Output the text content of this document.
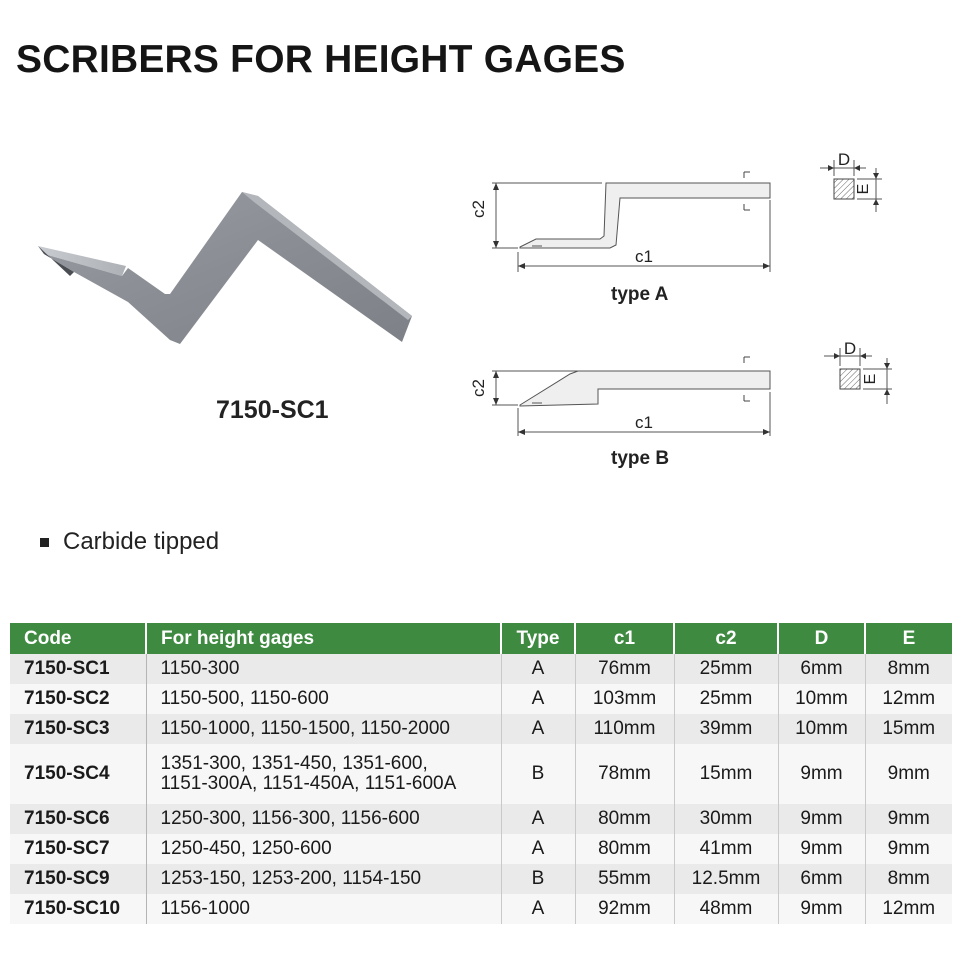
SCRIBERS FOR HEIGHT GAGES
7150-SC1
c2
c1
type A
D
E
c2
c1
type B
D
E
Carbide tipped
Code	For height gages	Type	c1	c2	D	E
7150-SC1	1150-300	A	76mm	25mm	6mm	8mm
7150-SC2	1150-500, 1150-600	A	103mm	25mm	10mm	12mm
7150-SC3	1150-1000, 1150-1500, 1150-2000	A	110mm	39mm	10mm	15mm
7150-SC4	1351-300, 1351-450, 1351-600,
1151-300A, 1151-450A, 1151-600A	B	78mm	15mm	9mm	9mm
7150-SC6	1250-300, 1156-300, 1156-600	A	80mm	30mm	9mm	9mm
7150-SC7	1250-450, 1250-600	A	80mm	41mm	9mm	9mm
7150-SC9	1253-150, 1253-200, 1154-150	B	55mm	12.5mm	6mm	8mm
7150-SC10	1156-1000	A	92mm	48mm	9mm	12mm
